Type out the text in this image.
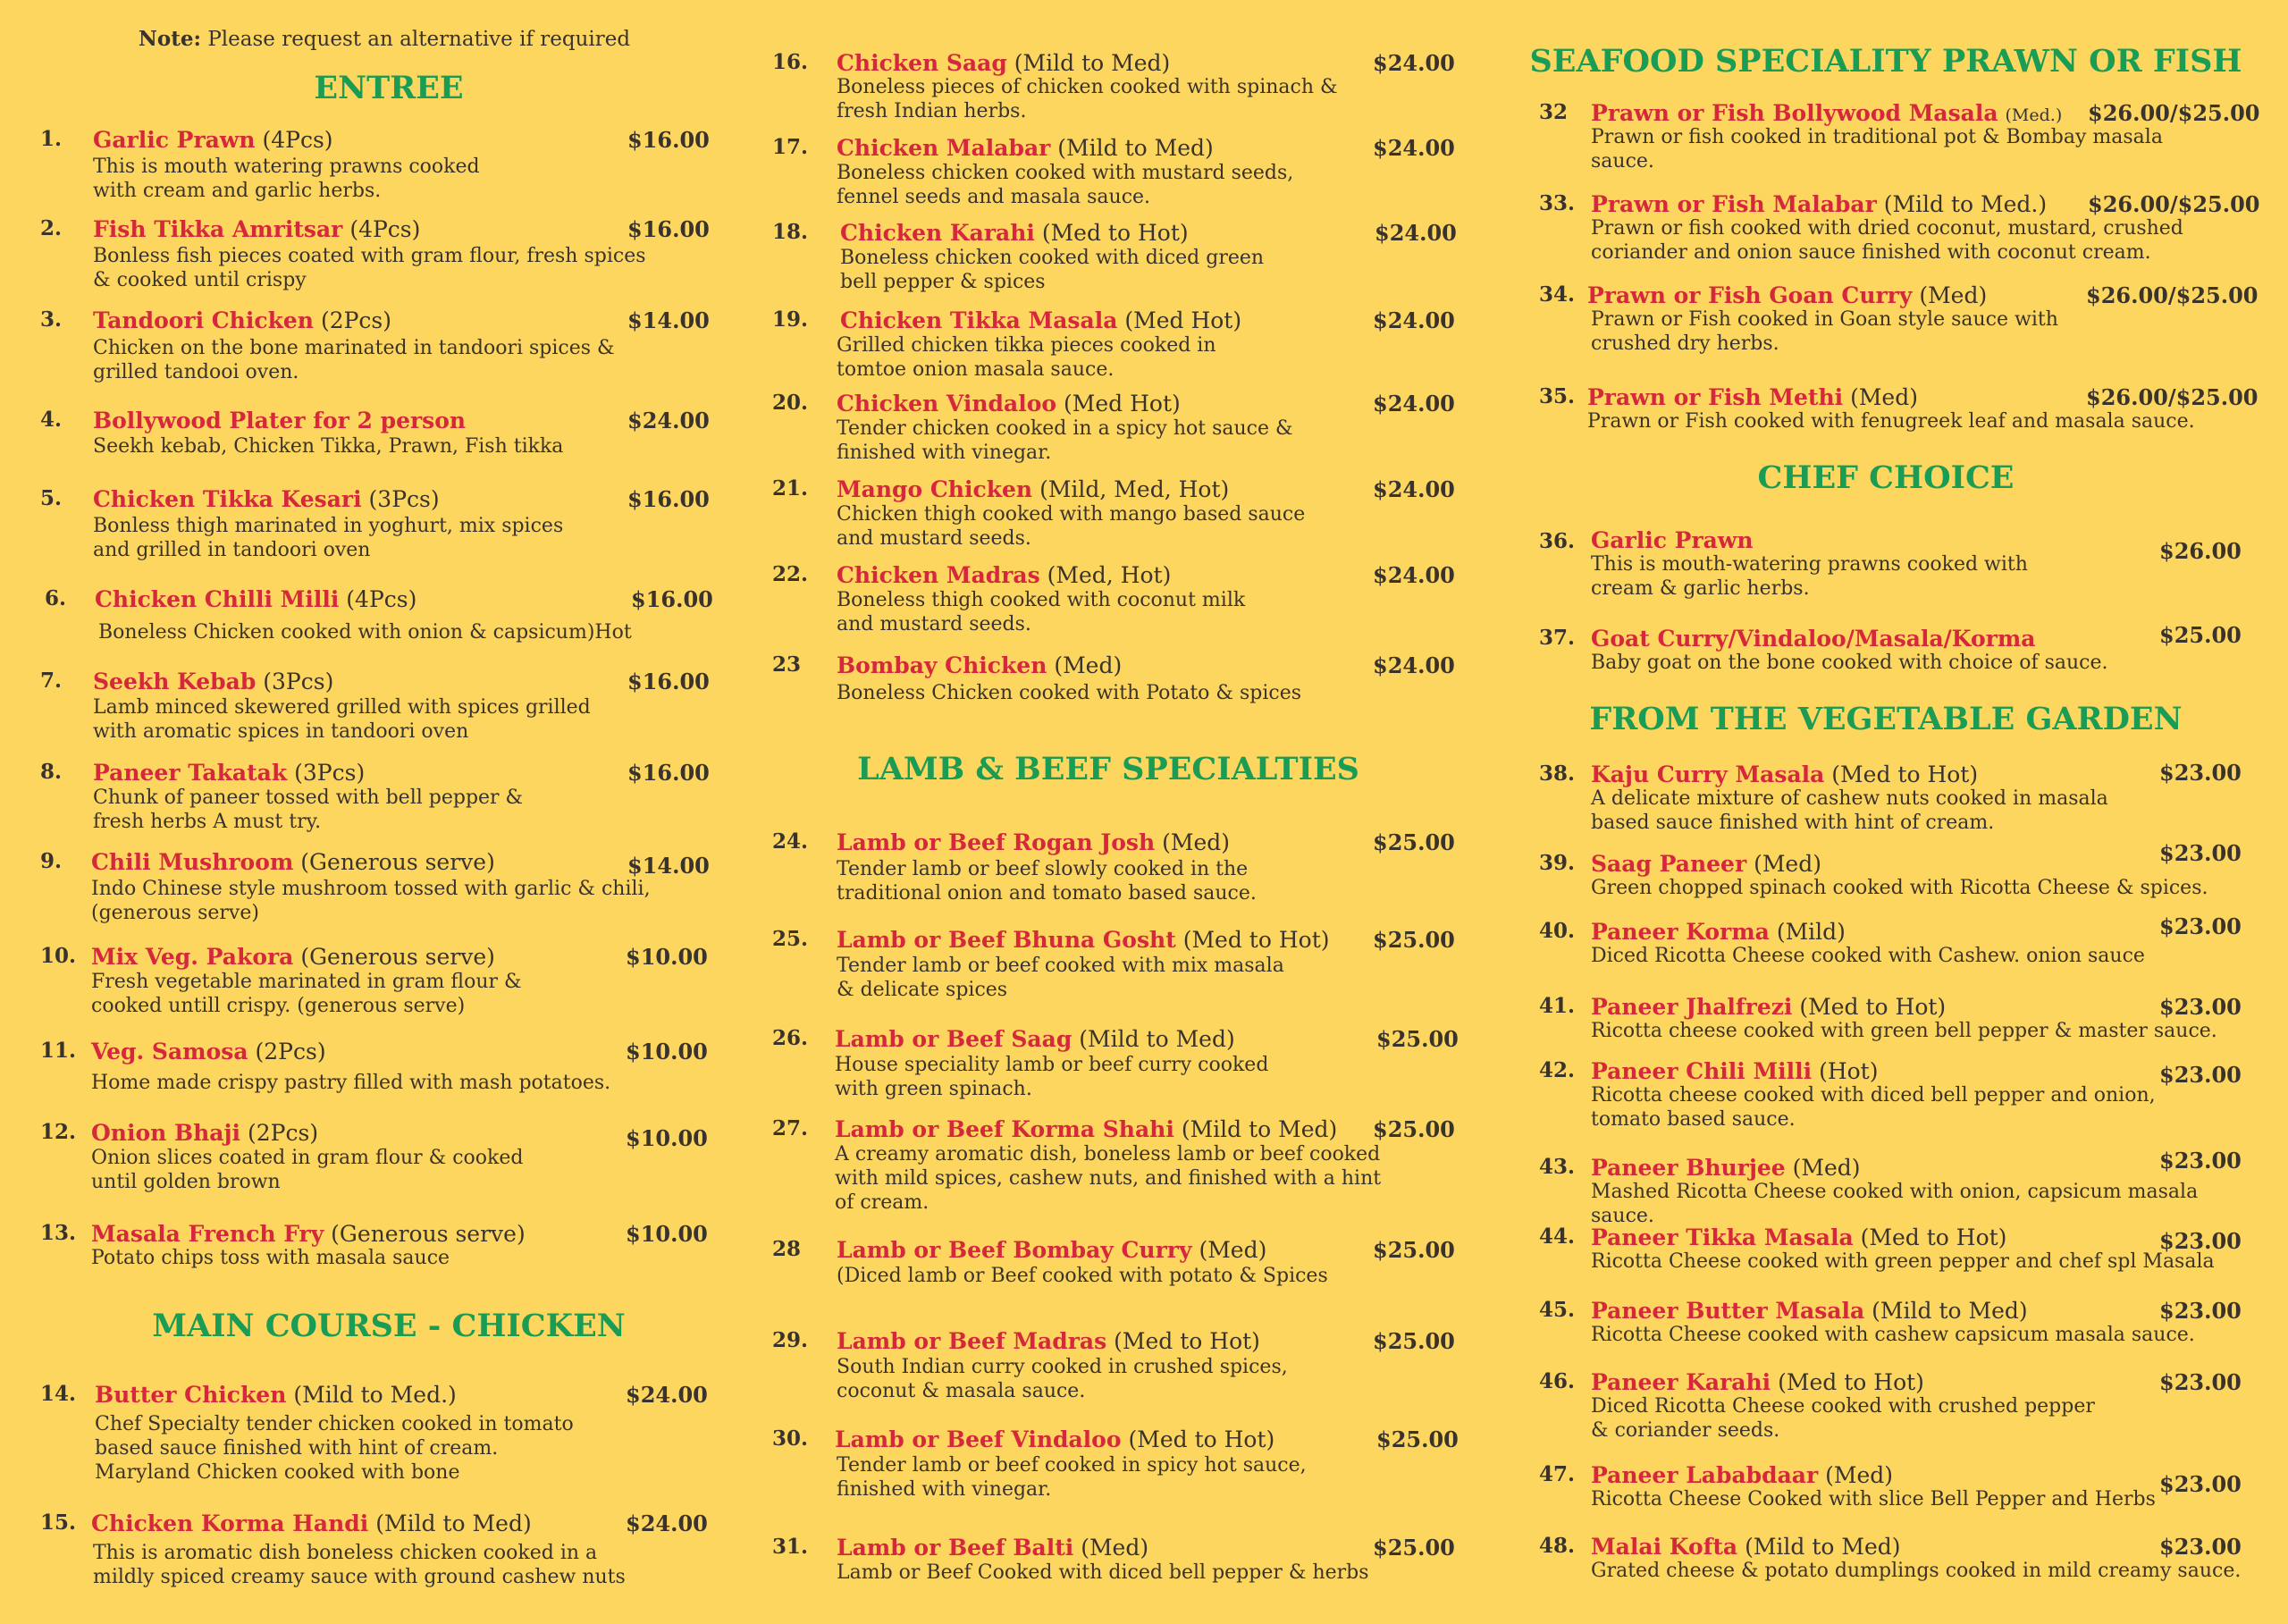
Note: Please request an alternative if required
ENTREE
1. Garlic Prawn (4Pcs)	$16.00
This is mouth watering prawns cooked
with cream and garlic herbs.
2. Fish Tikka Amritsar (4Pcs)	$16.00
Bonless fish pieces coated with gram flour, fresh spices
& cooked until crispy
3. Tandoori Chicken (2Pcs)	$14.00
Chicken on the bone marinated in tandoori spices &
grilled tandooi oven.
4. Bollywood Plater for 2 person	$24.00
Seekh kebab, Chicken Tikka, Prawn, Fish tikka
5. Chicken Tikka Kesari (3Pcs)	$16.00
Bonless thigh marinated in yoghurt, mix spices
and grilled in tandoori oven
6. Chicken Chilli Milli (4Pcs)	$16.00
Boneless Chicken cooked with onion & capsicum)Hot
7. Seekh Kebab (3Pcs)	$16.00
Lamb minced skewered grilled with spices grilled
with aromatic spices in tandoori oven
8. Paneer Takatak (3Pcs)	$16.00
Chunk of paneer tossed with bell pepper &
fresh herbs A must try.
9. Chili Mushroom (Generous serve)	$14.00
Indo Chinese style mushroom tossed with garlic & chili,
(generous serve)
10. Mix Veg. Pakora (Generous serve)	$10.00
Fresh vegetable marinated in gram flour &
cooked untill crispy. (generous serve)
11. Veg. Samosa (2Pcs)	$10.00
Home made crispy pastry filled with mash potatoes.
12. Onion Bhaji (2Pcs)	$10.00
Onion slices coated in gram flour & cooked
until golden brown
13. Masala French Fry (Generous serve)	$10.00
Potato chips toss with masala sauce
MAIN COURSE - CHICKEN
14. Butter Chicken (Mild to Med.)	$24.00
Chef Specialty tender chicken cooked in tomato
based sauce finished with hint of cream.
Maryland Chicken cooked with bone
15. Chicken Korma Handi (Mild to Med)	$24.00
This is aromatic dish boneless chicken cooked in a
mildly spiced creamy sauce with ground cashew nuts
16. Chicken Saag (Mild to Med)	$24.00
Boneless pieces of chicken cooked with spinach &
fresh Indian herbs.
17. Chicken Malabar (Mild to Med)	$24.00
Boneless chicken cooked with mustard seeds,
fennel seeds and masala sauce.
18. Chicken Karahi (Med to Hot)	$24.00
Boneless chicken cooked with diced green
bell pepper & spices
19. Chicken Tikka Masala (Med Hot)	$24.00
Grilled chicken tikka pieces cooked in
tomtoe onion masala sauce.
20. Chicken Vindaloo (Med Hot)	$24.00
Tender chicken cooked in a spicy hot sauce &
finished with vinegar.
21. Mango Chicken (Mild, Med, Hot)	$24.00
Chicken thigh cooked with mango based sauce
and mustard seeds.
22. Chicken Madras (Med, Hot)	$24.00
Boneless thigh cooked with coconut milk
and mustard seeds.
23 Bombay Chicken (Med)	$24.00
Boneless Chicken cooked with Potato & spices
LAMB & BEEF SPECIALTIES
24. Lamb or Beef Rogan Josh (Med)	$25.00
Tender lamb or beef slowly cooked in the
traditional onion and tomato based sauce.
25. Lamb or Beef Bhuna Gosht (Med to Hot) $25.00
Tender lamb or beef cooked with mix masala
& delicate spices
26. Lamb or Beef Saag (Mild to Med)	$25.00
House speciality lamb or beef curry cooked
with green spinach.
27. Lamb or Beef Korma Shahi (Mild to Med) $25.00
A creamy aromatic dish, boneless lamb or beef cooked
with mild spices, cashew nuts, and finished with a hint
of cream.
28 Lamb or Beef Bombay Curry (Med)	$25.00
(Diced lamb or Beef cooked with potato & Spices
29. Lamb or Beef Madras (Med to Hot)	$25.00
South Indian curry cooked in crushed spices,
coconut & masala sauce.
30. Lamb or Beef Vindaloo (Med to Hot)	$25.00
Tender lamb or beef cooked in spicy hot sauce,
finished with vinegar.
31. Lamb or Beef Balti (Med)	$25.00
Lamb or Beef Cooked with diced bell pepper & herbs
SEAFOOD SPECIALITY PRAWN OR FISH
32 Prawn or Fish Bollywood Masala (Med.) $26.00/$25.00
Prawn or fish cooked in traditional pot & Bombay masala
sauce.
33. Prawn or Fish Malabar (Mild to Med.) $26.00/$25.00
Prawn or fish cooked with dried coconut, mustard, crushed
coriander and onion sauce finished with coconut cream.
34. Prawn or Fish Goan Curry (Med)	$26.00/$25.00
Prawn or Fish cooked in Goan style sauce with
crushed dry herbs.
35. Prawn or Fish Methi (Med)	$26.00/$25.00
Prawn or Fish cooked with fenugreek leaf and masala sauce.
CHEF CHOICE
36. Garlic Prawn	$26.00
This is mouth-watering prawns cooked with
cream & garlic herbs.
37. Goat Curry/Vindaloo/Masala/Korma	$25.00
Baby goat on the bone cooked with choice of sauce.
FROM THE VEGETABLE GARDEN
38. Kaju Curry Masala (Med to Hot)	$23.00
A delicate mixture of cashew nuts cooked in masala
based sauce finished with hint of cream.
39. Saag Paneer (Med)	$23.00
Green chopped spinach cooked with Ricotta Cheese & spices.
40. Paneer Korma (Mild)	$23.00
Diced Ricotta Cheese cooked with Cashew. onion sauce
41. Paneer Jhalfrezi (Med to Hot)	$23.00
Ricotta cheese cooked with green bell pepper & master sauce.
42. Paneer Chili Milli (Hot)	$23.00
Ricotta cheese cooked with diced bell pepper and onion,
tomato based sauce.
43. Paneer Bhurjee (Med)	$23.00
Mashed Ricotta Cheese cooked with onion, capsicum masala sauce.
44. Paneer Tikka Masala (Med to Hot)	$23.00
Ricotta Cheese cooked with green pepper and chef spl Masala
45. Paneer Butter Masala (Mild to Med)	$23.00
Ricotta Cheese cooked with cashew capsicum masala sauce.
46. Paneer Karahi (Med to Hot)	$23.00
Diced Ricotta Cheese cooked with crushed pepper
& coriander seeds.
47. Paneer Lababdaar (Med)	$23.00
Ricotta Cheese Cooked with slice Bell Pepper and Herbs
48. Malai Kofta (Mild to Med)	$23.00
Grated cheese & potato dumplings cooked in mild creamy sauce.
